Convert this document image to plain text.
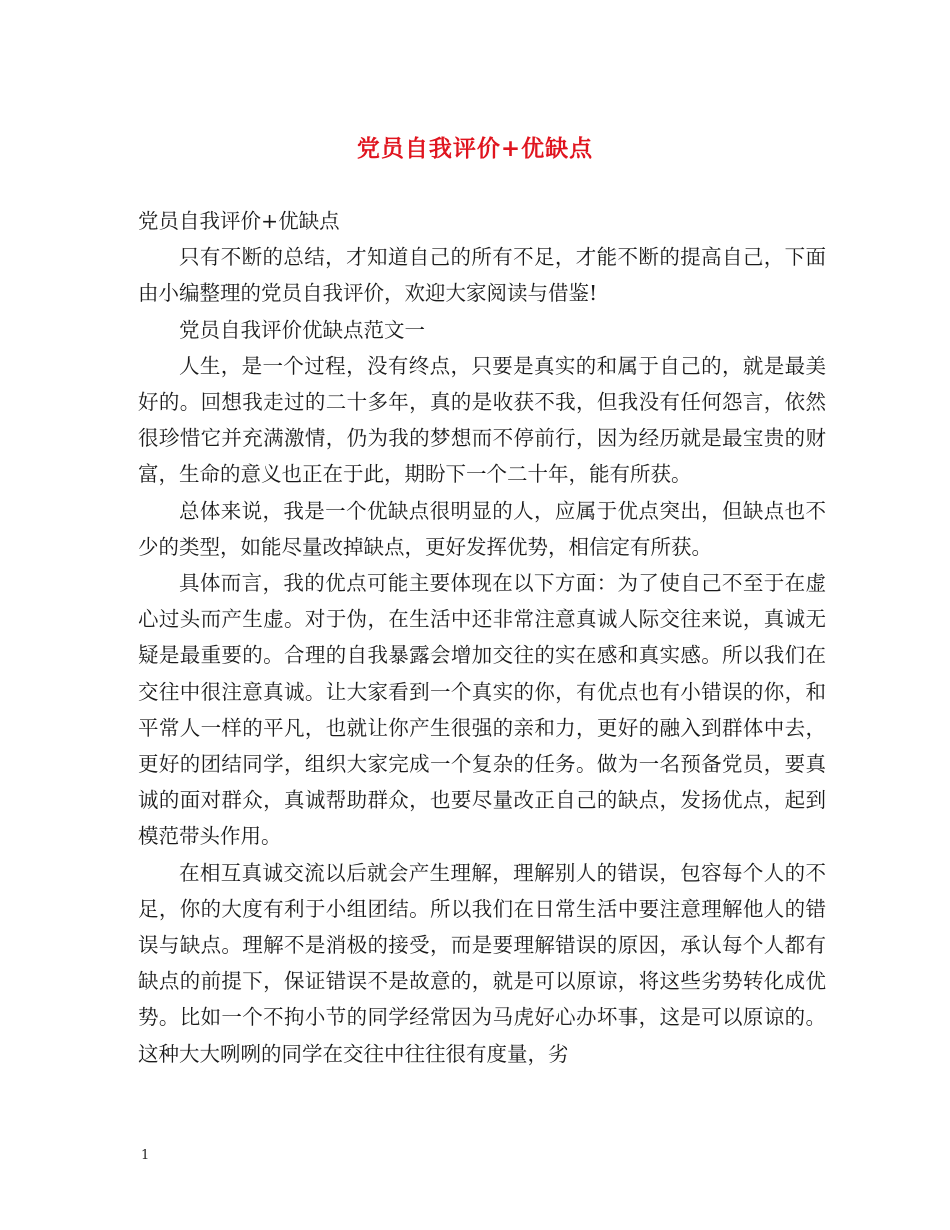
党员自我评价+优缺点

党员自我评价+优缺点

只有不断的总结，才知道自己的所有不足，才能不断的提高自己，下面由小编整理的党员自我评价，欢迎大家阅读与借鉴!

党员自我评价优缺点范文一

人生，是一个过程，没有终点，只要是真实的和属于自己的，就是最美好的。回想我走过的二十多年，真的是收获不我，但我没有任何怨言，依然很珍惜它并充满激情，仍为我的梦想而不停前行，因为经历就是最宝贵的财富，生命的意义也正在于此，期盼下一个二十年，能有所获。

总体来说，我是一个优缺点很明显的人，应属于优点突出，但缺点也不少的类型，如能尽量改掉缺点，更好发挥优势，相信定有所获。

具体而言，我的优点可能主要体现在以下方面：为了使自己不至于在虚心过头而产生虚。对于伪，在生活中还非常注意真诚人际交往来说，真诚无疑是最重要的。合理的自我暴露会增加交往的实在感和真实感。所以我们在交往中很注意真诚。让大家看到一个真实的你，有优点也有小错误的你，和平常人一样的平凡，也就让你产生很强的亲和力，更好的融入到群体中去，更好的团结同学，组织大家完成一个复杂的任务。做为一名预备党员，要真诚的面对群众，真诚帮助群众，也要尽量改正自己的缺点，发扬优点，起到模范带头作用。

在相互真诚交流以后就会产生理解，理解别人的错误，包容每个人的不足，你的大度有利于小组团结。所以我们在日常生活中要注意理解他人的错误与缺点。理解不是消极的接受，而是要理解错误的原因，承认每个人都有缺点的前提下，保证错误不是故意的，就是可以原谅，将这些劣势转化成优势。比如一个不拘小节的同学经常因为马虎好心办坏事，这是可以原谅的。这种大大咧咧的同学在交往中往往很有度量，劣

1
